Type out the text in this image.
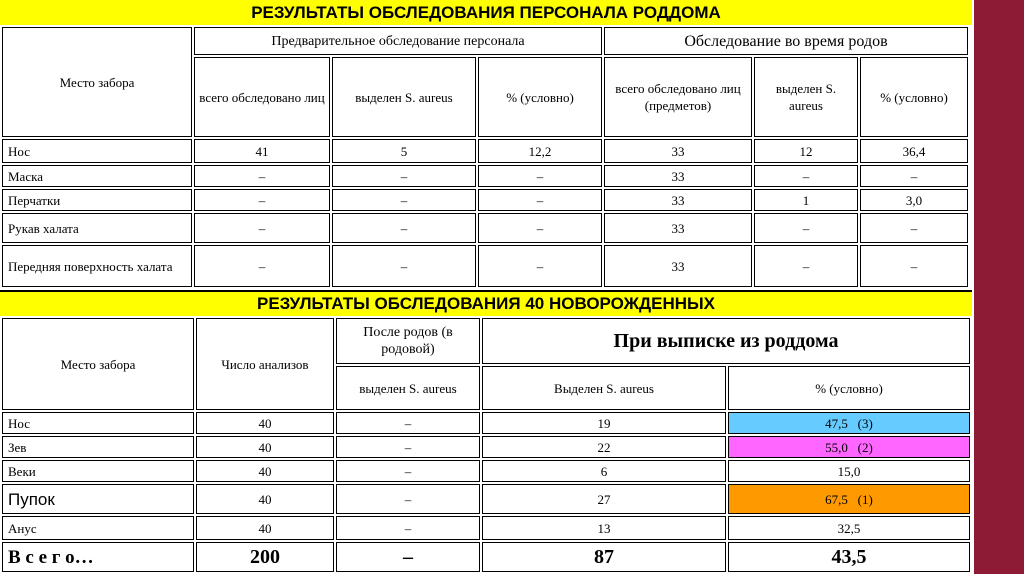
РЕЗУЛЬТАТЫ ОБСЛЕДОВАНИЯ ПЕРСОНАЛА РОДДОМА
Место забора
Предварительное обследование персонала	Обследование во время родов
всего обследовано лиц	выделен S. aureus	% (условно)
всего обследовано лиц (предметов)
выделен S. aureus
% (условно)
Нос	41	5	12,2	33	12	36,4
Маска	–	–	–	33	–	–
Перчатки	–	–	–	33	1	3,0
Рукав халата	–	–	–	33	–	–
Передняя поверхность халата	–	–	–	33	–	–
РЕЗУЛЬТАТЫ ОБСЛЕДОВАНИЯ 40 НОВОРОЖДЕННЫХ
Место забора	Число анализов
После родов (в родовой)	При выписке из роддома
выделен S. aureus	Выделен S. aureus	% (условно)
Нос	40	–	19	47,5   (3)
Зев	40	–	22	55,0   (2)
Веки	40	–	6	15,0
Пупок	40	–	27	67,5   (1)
Анус	40	–	13	32,5
В с е г о…	200	–	87	43,5
